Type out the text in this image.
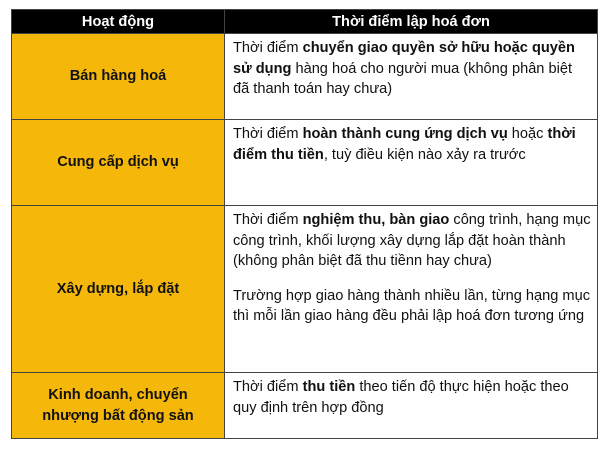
Hoạt động	Thời điểm lập hoá đơn
Bán hàng hoá	Thời điểm chuyển giao quyền sở hữu hoặc quyền sử dụng hàng hoá cho người mua (không phân biệt đã thanh toán hay chưa)

Cung cấp dịch vụ	Thời điểm hoàn thành cung ứng dịch vụ hoặc thời điểm thu tiền, tuỳ điều kiện nào xảy ra trước

Xây dựng, lắp đặt	Thời điểm nghiệm thu, bàn giao công trình, hạng mục công trình, khối lượng xây dựng lắp đặt hoàn thành (không phân biệt đã thu tiềnn hay chưa)

Trường hợp giao hàng thành nhiều lần, từng hạng mục thì mỗi lần giao hàng đều phải lập hoá đơn tương ứng

Kinh doanh, chuyển nhượng bất động sản	Thời điểm thu tiền theo tiến độ thực hiện hoặc theo quy định trên hợp đồng
